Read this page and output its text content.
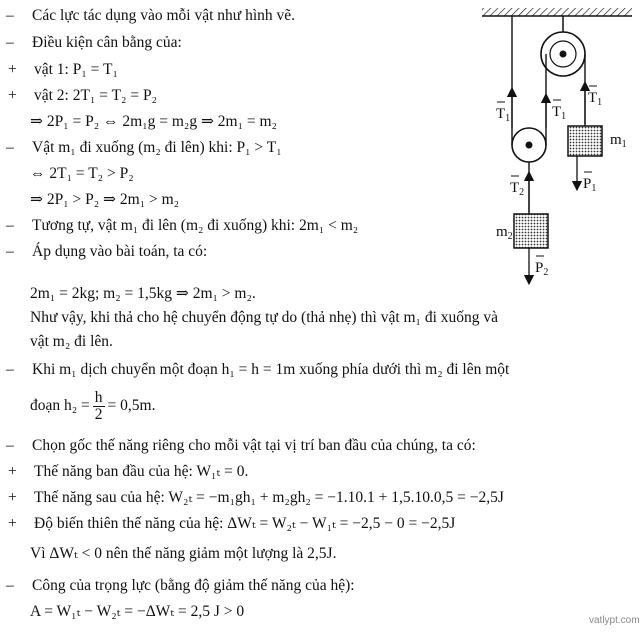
– Các lực tác dụng vào mỗi vật như hình vẽ.
– Điều kiện cân bằng của:
+ vật 1: P₁ = T₁
+ vật 2: 2T₁ = T₂ = P₂
⇒ 2P₁ = P₂ ⇔ 2m₁g = m₂g ⇒ 2m₁ = m₂
– Vật m₁ đi xuống (m₂ đi lên) khi: P₁ > T₁
⇔ 2T₁ = T₂ > P₂
⇒ 2P₁ > P₂ ⇒ 2m₁ > m₂
– Tương tự, vật m₁ đi lên (m₂ đi xuống) khi: 2m₁ < m₂
– Áp dụng vào bài toán, ta có:
2m₁ = 2kg; m₂ = 1,5kg ⇒ 2m₁ > m₂.
Như vậy, khi thả cho hệ chuyển động tự do (thả nhẹ) thì vật m₁ đi xuống và
vật m₂ đi lên.
– Khi m₁ dịch chuyển một đoạn h₁ = h = 1m xuống phía dưới thì m₂ đi lên một
đoạn $h_2 = \frac{h}{2} = 0,5m$.
– Chọn gốc thế năng riêng cho mỗi vật tại vị trí ban đầu của chúng, ta có:
+ Thế năng ban đầu của hệ: W₁ₜ = 0.
+ Thế năng sau của hệ: W₂ₜ = −m₁gh₁ + m₂gh₂ = −1.10.1 + 1,5.10.0,5 = −2,5J
+ Độ biến thiên thế năng của hệ: ΔWₜ = W₂ₜ − W₁ₜ = −2,5 − 0 = −2,5J
Vì ΔWₜ < 0 nên thế năng giảm một lượng là 2,5J.
– Công của trọng lực (bằng độ giảm thế năng của hệ):
A = W₁ₜ − W₂ₜ = −ΔWₜ = 2,5 J > 0
$T_1$	$T_1$
$T_1$
$m_1$
$P_1$
$T_2$
$m_2$
$P_2$
vatlypt.com
